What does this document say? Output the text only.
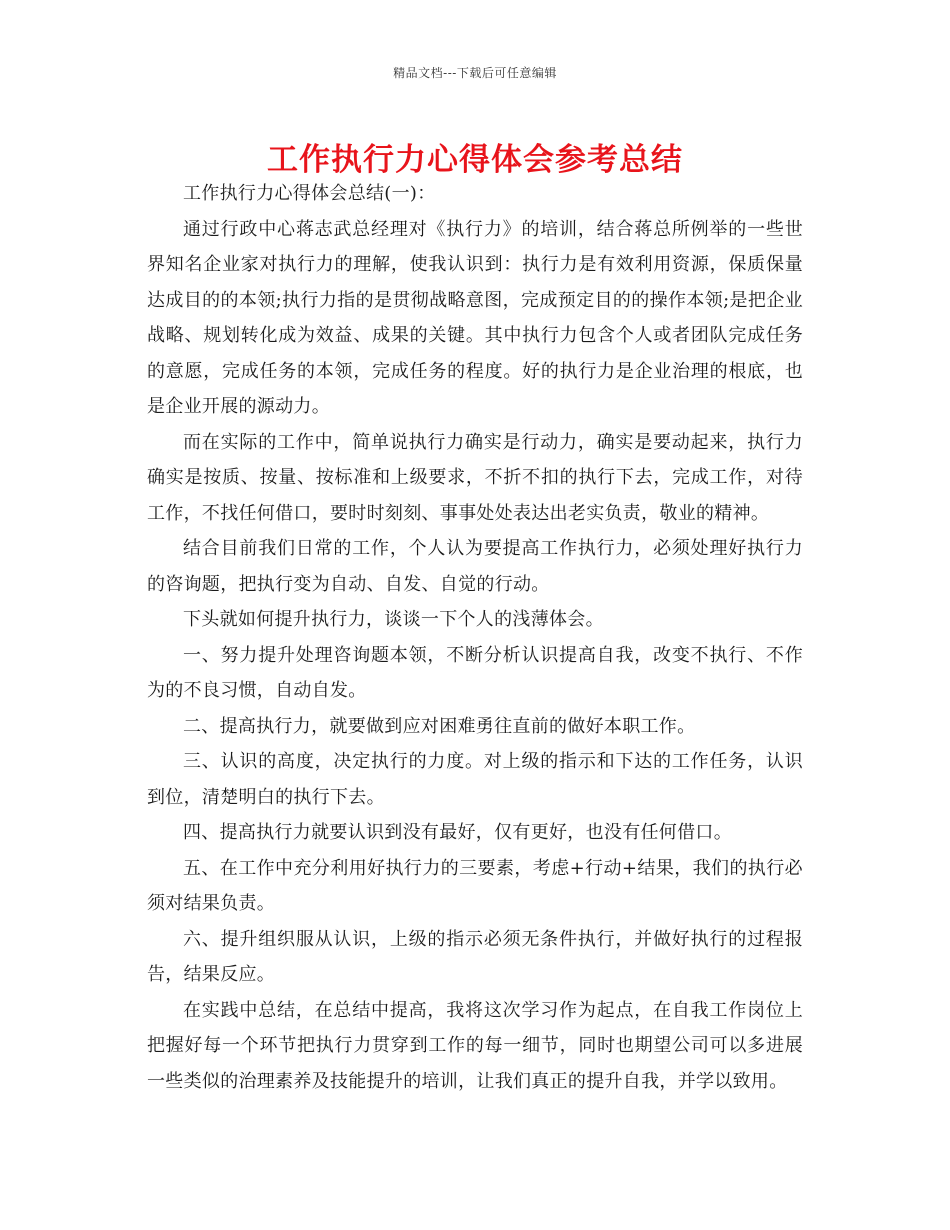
精品文档---下载后可任意编辑
工作执行力心得体会参考总结

工作执行力心得体会总结(一)：

通过行政中心蒋志武总经理对《执行力》的培训，结合蒋总所例举的一些世界知名企业家对执行力的理解，使我认识到：执行力是有效利用资源，保质保量达成目的的本领;执行力指的是贯彻战略意图，完成预定目的的操作本领;是把企业战略、规划转化成为效益、成果的关键。其中执行力包含个人或者团队完成任务的意愿，完成任务的本领，完成任务的程度。好的执行力是企业治理的根底，也是企业开展的源动力。

而在实际的工作中，简单说执行力确实是行动力，确实是要动起来，执行力确实是按质、按量、按标准和上级要求，不折不扣的执行下去，完成工作，对待工作，不找任何借口，要时时刻刻、事事处处表达出老实负责，敬业的精神。

结合目前我们日常的工作，个人认为要提高工作执行力，必须处理好执行力的咨询题，把执行变为自动、自发、自觉的行动。

下头就如何提升执行力，谈谈一下个人的浅薄体会。

一、努力提升处理咨询题本领，不断分析认识提高自我，改变不执行、不作为的不良习惯，自动自发。

二、提高执行力，就要做到应对困难勇往直前的做好本职工作。

三、认识的高度，决定执行的力度。对上级的指示和下达的工作任务，认识到位，清楚明白的执行下去。

四、提高执行力就要认识到没有最好，仅有更好，也没有任何借口。

五、在工作中充分利用好执行力的三要素，考虑+行动+结果，我们的执行必须对结果负责。

六、提升组织服从认识，上级的指示必须无条件执行，并做好执行的过程报告，结果反应。

在实践中总结，在总结中提高，我将这次学习作为起点，在自我工作岗位上把握好每一个环节把执行力贯穿到工作的每一细节，同时也期望公司可以多进展一些类似的治理素养及技能提升的培训，让我们真正的提升自我，并学以致用。
